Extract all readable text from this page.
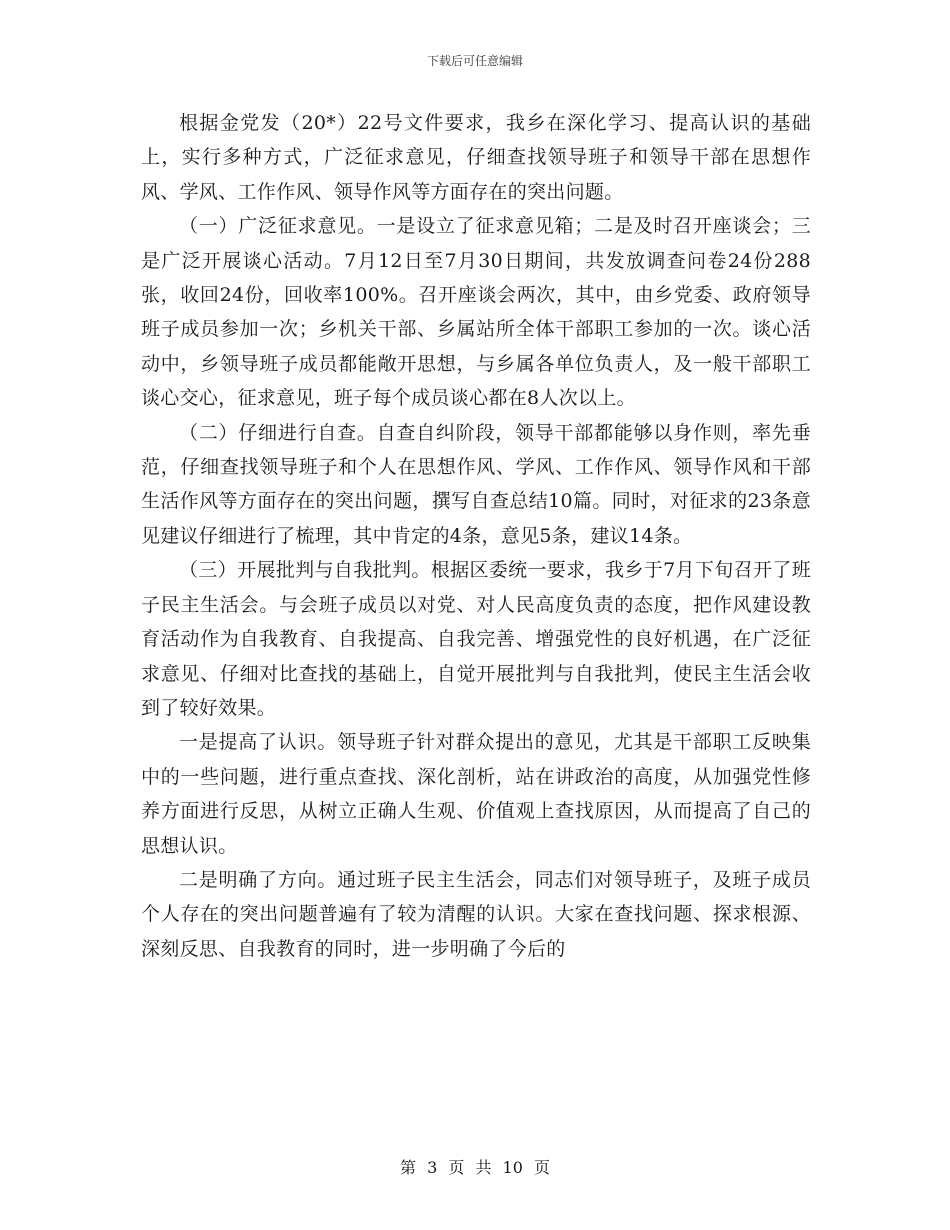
下载后可任意编辑

根据金党发（20*）22号文件要求，我乡在深化学习、提高认识的基础上，实行多种方式，广泛征求意见，仔细查找领导班子和领导干部在思想作风、学风、工作作风、领导作风等方面存在的突出问题。

（一）广泛征求意见。一是设立了征求意见箱；二是及时召开座谈会；三是广泛开展谈心活动。7月12日至7月30日期间，共发放调查问卷24份288张，收回24份，回收率100%。召开座谈会两次，其中，由乡党委、政府领导班子成员参加一次；乡机关干部、乡属站所全体干部职工参加的一次。谈心活动中，乡领导班子成员都能敞开思想，与乡属各单位负责人，及一般干部职工谈心交心，征求意见，班子每个成员谈心都在8人次以上。

（二）仔细进行自查。自查自纠阶段，领导干部都能够以身作则，率先垂范，仔细查找领导班子和个人在思想作风、学风、工作作风、领导作风和干部生活作风等方面存在的突出问题，撰写自查总结10篇。同时，对征求的23条意见建议仔细进行了梳理，其中肯定的4条，意见5条，建议14条。

（三）开展批判与自我批判。根据区委统一要求，我乡于7月下旬召开了班子民主生活会。与会班子成员以对党、对人民高度负责的态度，把作风建设教育活动作为自我教育、自我提高、自我完善、增强党性的良好机遇，在广泛征求意见、仔细对比查找的基础上，自觉开展批判与自我批判，使民主生活会收到了较好效果。

一是提高了认识。领导班子针对群众提出的意见，尤其是干部职工反映集中的一些问题，进行重点查找、深化剖析，站在讲政治的高度，从加强党性修养方面进行反思，从树立正确人生观、价值观上查找原因，从而提高了自己的思想认识。

二是明确了方向。通过班子民主生活会，同志们对领导班子，及班子成员个人存在的突出问题普遍有了较为清醒的认识。大家在查找问题、探求根源、深刻反思、自我教育的同时，进一步明确了今后的

第 3 页 共 10 页
